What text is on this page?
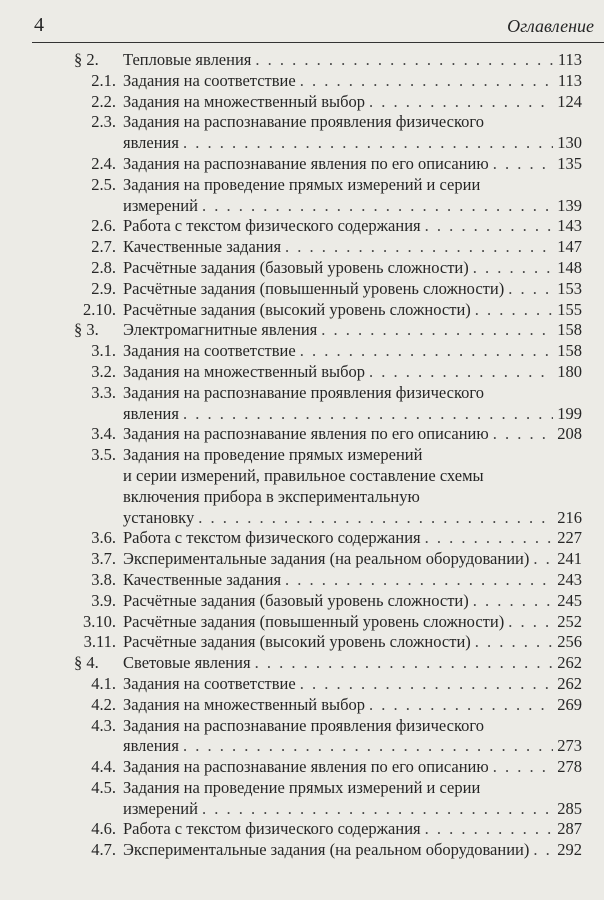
4	Оглавление
§ 2.	Тепловые явления . . .	113
2.1. Задания на соответствие . . .	113
2.2. Задания на множественный выбор . . .	124
2.3. Задания на распознавание проявления физического
явления . . .	130
2.4. Задания на распознавание явления по его описанию . . .	135
2.5. Задания на проведение прямых измерений и серии
измерений . . .	139
2.6. Работа с текстом физического содержания . . .	143
2.7. Качественные задания . . .	147
2.8. Расчётные задания (базовый уровень сложности) . . .	148
2.9. Расчётные задания (повышенный уровень сложности) . . .	153
2.10. Расчётные задания (высокий уровень сложности) . . .	155
§ 3.	Электромагнитные явления . . .	158
3.1. Задания на соответствие . . .	158
3.2. Задания на множественный выбор . . .	180
3.3. Задания на распознавание проявления физического
явления . . .	199
3.4. Задания на распознавание явления по его описанию . . .	208
3.5. Задания на проведение прямых измерений
и серии измерений, правильное составление схемы
включения прибора в экспериментальную
установку . . .	216
3.6. Работа с текстом физического содержания . . .	227
3.7. Экспериментальные задания (на реальном оборудовании) . . . 241
3.8. Качественные задания . . .	243
3.9. Расчётные задания (базовый уровень сложности) . . .	245
3.10. Расчётные задания (повышенный уровень сложности) . . .	252
3.11. Расчётные задания (высокий уровень сложности) . . .	256
§ 4.	Световые явления . . .	262
4.1. Задания на соответствие . . .	262
4.2. Задания на множественный выбор . . .	269
4.3. Задания на распознавание проявления физического
явления . . .	273
4.4. Задания на распознавание явления по его описанию . . .	278
4.5. Задания на проведение прямых измерений и серии
измерений . . .	285
4.6. Работа с текстом физического содержания . . .	287
4.7. Экспериментальные задания (на реальном оборудовании) . . . 292
